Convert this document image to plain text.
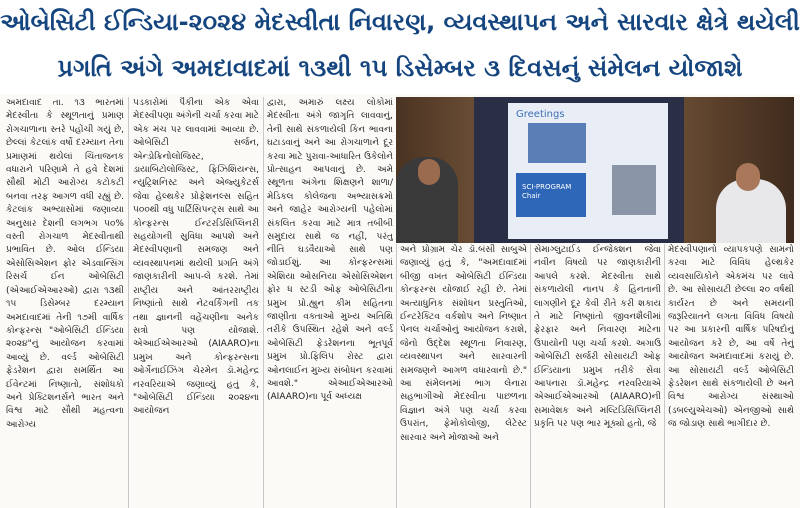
ઓબેસિટી ઈન્ડિયા-૨૦૨૪ મેદસ્વીતા નિવારણ, વ્યવસ્થાપન અને સારવાર ક્ષેત્રે થયેલી
પ્રગતિ અંગે અમદાવાદમાં ૧૩થી ૧૫ ડિસેમ્બર ૩ દિવસનું સંમેલન યોજાશે

અમદાવાદ તા. ૧૩ ભારતમાં મેદસ્વીતા કે સ્થૂળતાનું પ્રમાણ રોગચાળાના સ્તરે પહોંચી ગયું છે, છેલ્લાં કેટલાંક વર્ષો દરમ્યાન તેના પ્રમાણમાં થયેલાં ચિંતાજનક વધારાને પરિણામે તે હવે દેશમાં સૌથી મોટી આરોગ્ય કટોકટી બનવા તરફ આગળ વધી રહ્યું છે. કેટલાંક અભ્યાસોમાં જણાવ્યા અનુસાર દેશની લગભગ ૫૦% વસ્તી રોગચાળ મેદસ્વીતાથી પ્રભાવિત છે. ઓલ ઈન્ડિયા એસોસિએશન ફોર એડવાન્સિંગ રિસર્ચ ઈન ઓબેસિટી (એઆઈએઆરઓ) દ્વારા ૧૩થી ૧૫ ડિસેમ્બર દરમ્યાન અમદાવાદમાં તેની ૧૭મી વાર્ષિક કોન્ફરન્સ "ઓબેસિટી ઈન્ડિયા ૨૦૨૪"નું આયોજન કરવામાં આવ્યું છે. વર્લ્ડ ઓબેસિટી ફેડરેશન દ્વારા સમર્થિત આ ઈવેન્ટમાં નિષ્ણાતો, સંશોધકો અને પ્રેક્ટિશનર્સને ભારત અને વિશ્વ માટે સૌથી મહત્વના આરોગ્ય

પડકારોમાં પૈકીના એક એવા મેદસ્વીપણા અંગેની ચર્ચા કરવા માટે એક મંચ પર લાવવામાં આવ્યા છે. ઓબેસિટી સર્જન, એન્ડોક્રિનોલોજિસ્ટ, ડાયાબિટોલોજિસ્ટ, ફિઝિશિયન્સ, ન્યુટ્રિશનિસ્ટ અને એજ્યુકેટર્સ જેવા હેલ્થકેર પ્રોફેશનલ્સ સહિત ૫૦૦થી વધુ પાર્ટિસિપન્ટ્સ સાથે આ કોન્ફરન્સ ઈન્ટરડિસિપ્લિનરી સહયોગની સુવિધા આપશે અને મેદસ્વીપણાની સમજણ અને વ્યવસ્થાપનમાં થયેલી પ્રગતિ અંગે જાણકારીની આપ-લે કરશે. તેમાં રાષ્ટ્રીય અને આંતરરાષ્ટ્રીય નિષ્ણાંતો સાથે નેટવર્કિંગની તક તથા જ્ઞાનની વહેંચણીના અનેક સત્રો પણ યોજાશે. એઆઈએઆરઓ (AIAARO)ના પ્રમુખ અને કોન્ફરન્સના ઓર્ગેનાઈઝિંગ ચેરમેન ડૉ.મહેન્દ્ર નરવરિયાએ જણાવ્યું હતું કે, "ઓબેસિટી ઈન્ડિયા ૨૦૨૪ના આયોજન

દ્વારા, અમારું લક્ષ્ય લોકોમાં મેદસ્વીતા અંગે જાગૃતિ લાવવાનું, તેની સાથે સંકળાયેલી કિન ભાવના ઘટાડવાનું અને આ રોગચાળાને દૂર કરવા માટે પુરાવા-આધારિત ઉકેલોને પ્રોત્સાહન આપવાનું છે. અમે સ્થૂળતા અંગેના શિક્ષણને શાળા/મેડિકલ કોલેજના અભ્યાસક્રમો અને જાહેર આરોગ્યની પહેલોમાં સંકલિત કરવા માટે માત્ર તબીબી સમુદાય સાથે જ નહીં, પરંતુ

Greetings
SCI-PROGRAM
Chair

નીતિ ઘડવૈયાઓ સાથે પણ જોડાઈશું. આ કોન્ફરન્સમાં એશિયા ઓસનિયા એસોસિએશન ફોર ધ સ્ટડી ઓફ ઓબેસિટીના પ્રમુખ પ્રો.હ્યુન કીમ સહિતના જાણીતા વક્તાઓ મુખ્ય અતિથિ તરીકે ઉપસ્થિત રહેશે અને વર્લ્ડ ઓબેસિટી ફેડરેશનના ભૂતપૂર્વ પ્રમુખ પ્રો.ફિલિપ રોસ્ટ દ્વારા ઓનલાઈન મુખ્ય સંબોધન કરવામાં આવશે." એઆઈએઆરઓ (AIAARO)ના પૂર્વ અધ્યક્ષ

અને પ્રોગ્રામ ચેર ડૉ.બંસી સાબુએ જણાવ્યું હતું કે, "અમદાવાદમાં બીજી વખત ઓબેસિટી ઈન્ડિયા કોન્ફરન્સ યોજાઈ રહી છે. તેમાં અત્યાધુનિક સંશોધન પ્રસ્તુતિઓ, ઈન્ટરેક્ટિવ વર્કશોપ અને નિષ્ણાત પેનલ ચર્ચાઓનું આયોજન કરાશે, જેનો ઉદ્દેશ સ્થૂળતા નિવારણ, વ્યવસ્થાપન અને સારવારની સમજણને આગળ વધારવાનો છે." આ સંમેલનમાં ભાગ લેનારા સહભાગીઓ મેદસ્વીતા પાછળના વિજ્ઞાન અંગે પણ ચર્ચા કરવા ઉપરાંત, ફેમોકોલોજી, લેટેસ્ટ સારવાર અને મોજાઓ અને

સેમાગ્લુટાઈડ ઈન્જેક્શન જેવા નવીન વિષયો પર જાણકારીની આપલે કરશે. મેદસ્વીતા સાથે સંકળાયેલી નાનપ કે હિનતાની લાગણીને દૂર કેવી રીતે કરી શકાય તે માટે નિષ્ણાંતો જીવનશૈલીમાં ફેરફાર અને નિવારણ માટેના ઉપાયોની પણ ચર્ચા કરશે. અગાઉ ઓબેસિટી સર્જરી સોસાયટી ઓફ ઈન્ડિયાના પ્રમુખ તરીકે સેવા આપનારા ડૉ.મહેન્દ્ર નરવરિયાએ એઆઈએઆરઓ (AIAARO)ની સમાવેશક અને મલ્ટિડિસિપ્લિનરી પ્રકૃતિ પર પણ ભાર મૂક્યો હતો, જે

મેદસ્વીપણાનો વ્યાપકપણે સામનો કરવા માટે વિવિધ હેલ્થકેર વ્યવસાયિકોને એકમંચ પર લાવે છે. આ સોસાયટી છેલ્લા ૨૦ વર્ષથી કાર્યરત છે અને સમયની જરૂરિયાતને લગતા વિવિધ વિષયો પર આ પ્રકારની વાર્ષિક પરિષદોનું આયોજન કરે છે, આ વર્ષે તેનું આયોજન અમદાવાદમાં કરાયું છે. આ સોસાયટી વર્લ્ડ ઓબેસિટી ફેડરેશન સાથે સંકળાયેલી છે અને વિશ્વ આરોગ્ય સંસ્થાઓ (ડબલ્યુએચઓ) એનજીઓ સાથે જ જોડાણ સાથે ભાગીદાર છે.
